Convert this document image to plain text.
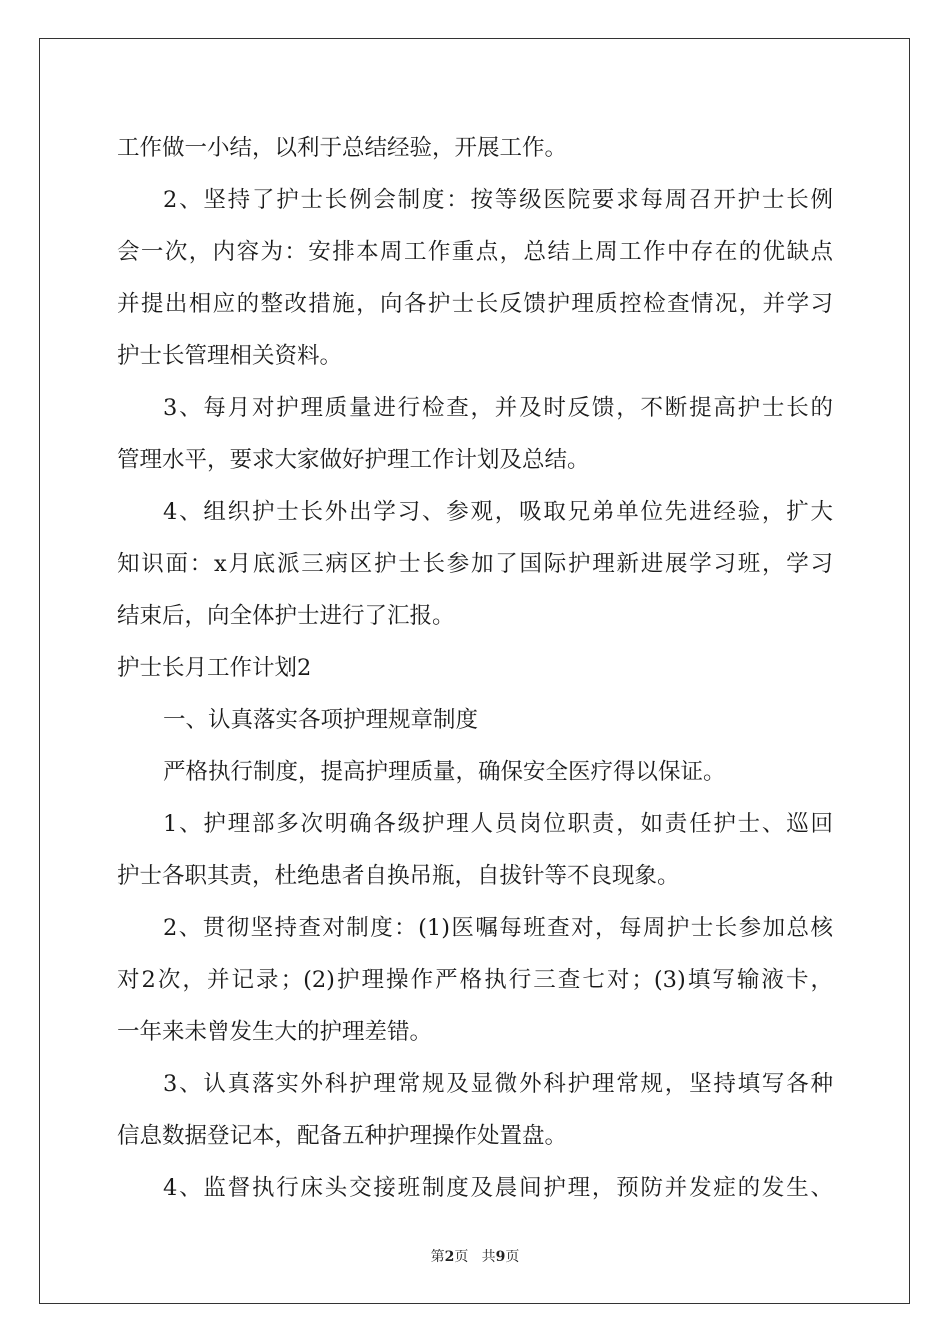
工作做一小结，以利于总结经验，开展工作。
2、坚持了护士长例会制度：按等级医院要求每周召开护士长例
会一次，内容为：安排本周工作重点，总结上周工作中存在的优缺点
并提出相应的整改措施，向各护士长反馈护理质控检查情况，并学习
护士长管理相关资料。
3、每月对护理质量进行检查，并及时反馈，不断提高护士长的
管理水平，要求大家做好护理工作计划及总结。
4、组织护士长外出学习、参观，吸取兄弟单位先进经验，扩大
知识面：x月底派三病区护士长参加了国际护理新进展学习班，学习
结束后，向全体护士进行了汇报。
护士长月工作计划2
一、认真落实各项护理规章制度
严格执行制度，提高护理质量，确保安全医疗得以保证。
1、护理部多次明确各级护理人员岗位职责，如责任护士、巡回
护士各职其责，杜绝患者自换吊瓶，自拔针等不良现象。
2、贯彻坚持查对制度：(1)医嘱每班查对，每周护士长参加总核
对2次，并记录；(2)护理操作严格执行三查七对；(3)填写输液卡，
一年来未曾发生大的护理差错。
3、认真落实外科护理常规及显微外科护理常规，坚持填写各种
信息数据登记本，配备五种护理操作处置盘。
4、监督执行床头交接班制度及晨间护理，预防并发症的发生、
第2页 共9页
